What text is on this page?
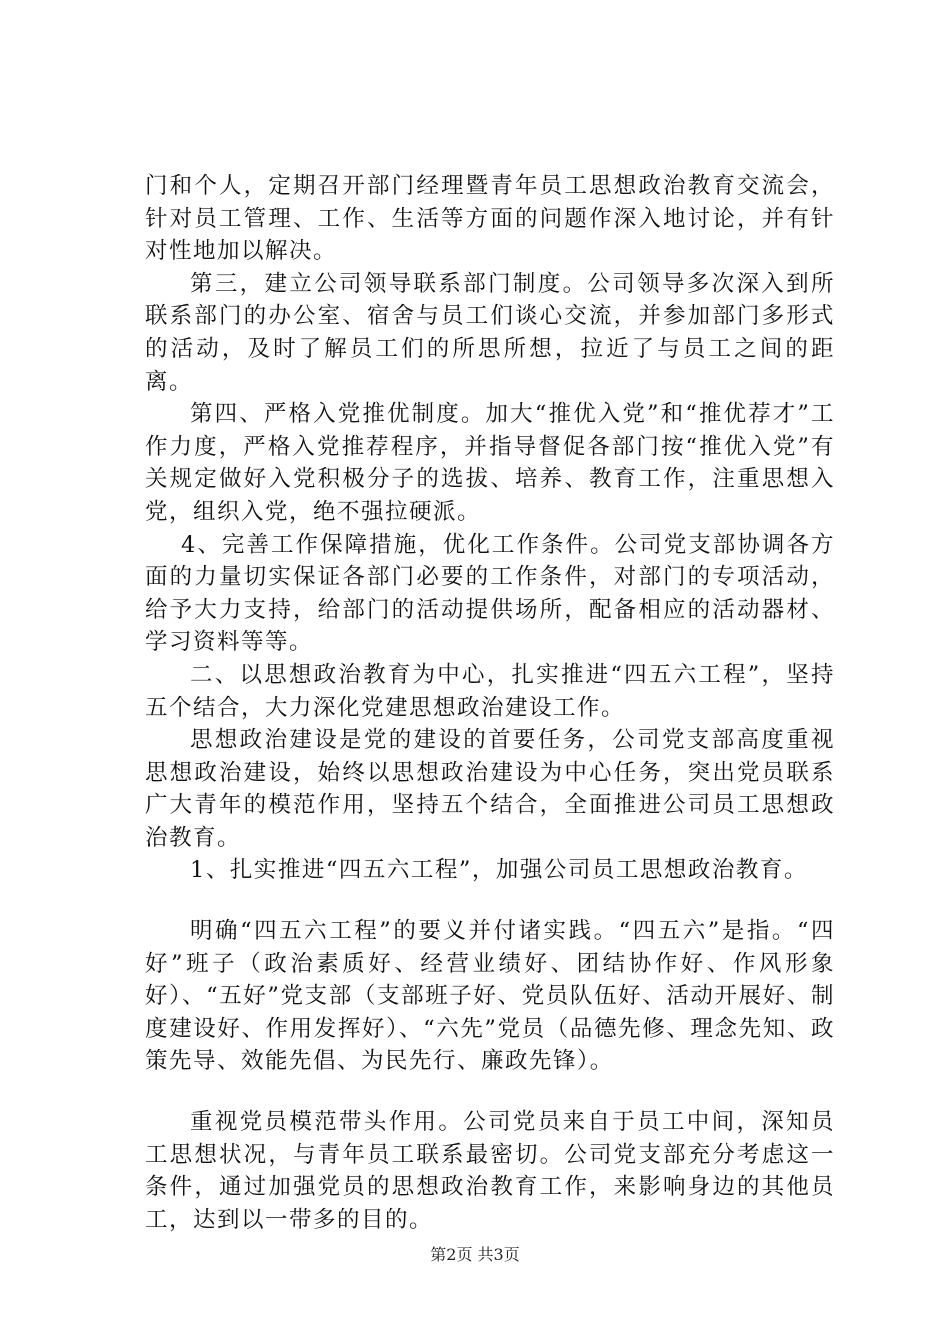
门和个人，定期召开部门经理暨青年员工思想政治教育交流会，针对员工管理、工作、生活等方面的问题作深入地讨论，并有针对性地加以解决。

第三，建立公司领导联系部门制度。公司领导多次深入到所联系部门的办公室、宿舍与员工们谈心交流，并参加部门多形式的活动，及时了解员工们的所思所想，拉近了与员工之间的距离。

第四、严格入党推优制度。加大“推优入党”和“推优荐才”工作力度，严格入党推荐程序，并指导督促各部门按“推优入党”有关规定做好入党积极分子的选拔、培养、教育工作，注重思想入党，组织入党，绝不强拉硬派。

4、完善工作保障措施，优化工作条件。公司党支部协调各方面的力量切实保证各部门必要的工作条件，对部门的专项活动，给予大力支持，给部门的活动提供场所，配备相应的活动器材、学习资料等等。

二、以思想政治教育为中心，扎实推进“四五六工程”，坚持五个结合，大力深化党建思想政治建设工作。

思想政治建设是党的建设的首要任务，公司党支部高度重视思想政治建设，始终以思想政治建设为中心任务，突出党员联系广大青年的模范作用，坚持五个结合，全面推进公司员工思想政治教育。

1、扎实推进“四五六工程”，加强公司员工思想政治教育。

明确“四五六工程”的要义并付诸实践。“四五六”是指。“四好”班子（政治素质好、经营业绩好、团结协作好、作风形象好）、“五好”党支部（支部班子好、党员队伍好、活动开展好、制度建设好、作用发挥好）、“六先”党员（品德先修、理念先知、政策先导、效能先倡、为民先行、廉政先锋）。

重视党员模范带头作用。公司党员来自于员工中间，深知员工思想状况，与青年员工联系最密切。公司党支部充分考虑这一条件，通过加强党员的思想政治教育工作，来影响身边的其他员工，达到以一带多的目的。

第2页 共3页
